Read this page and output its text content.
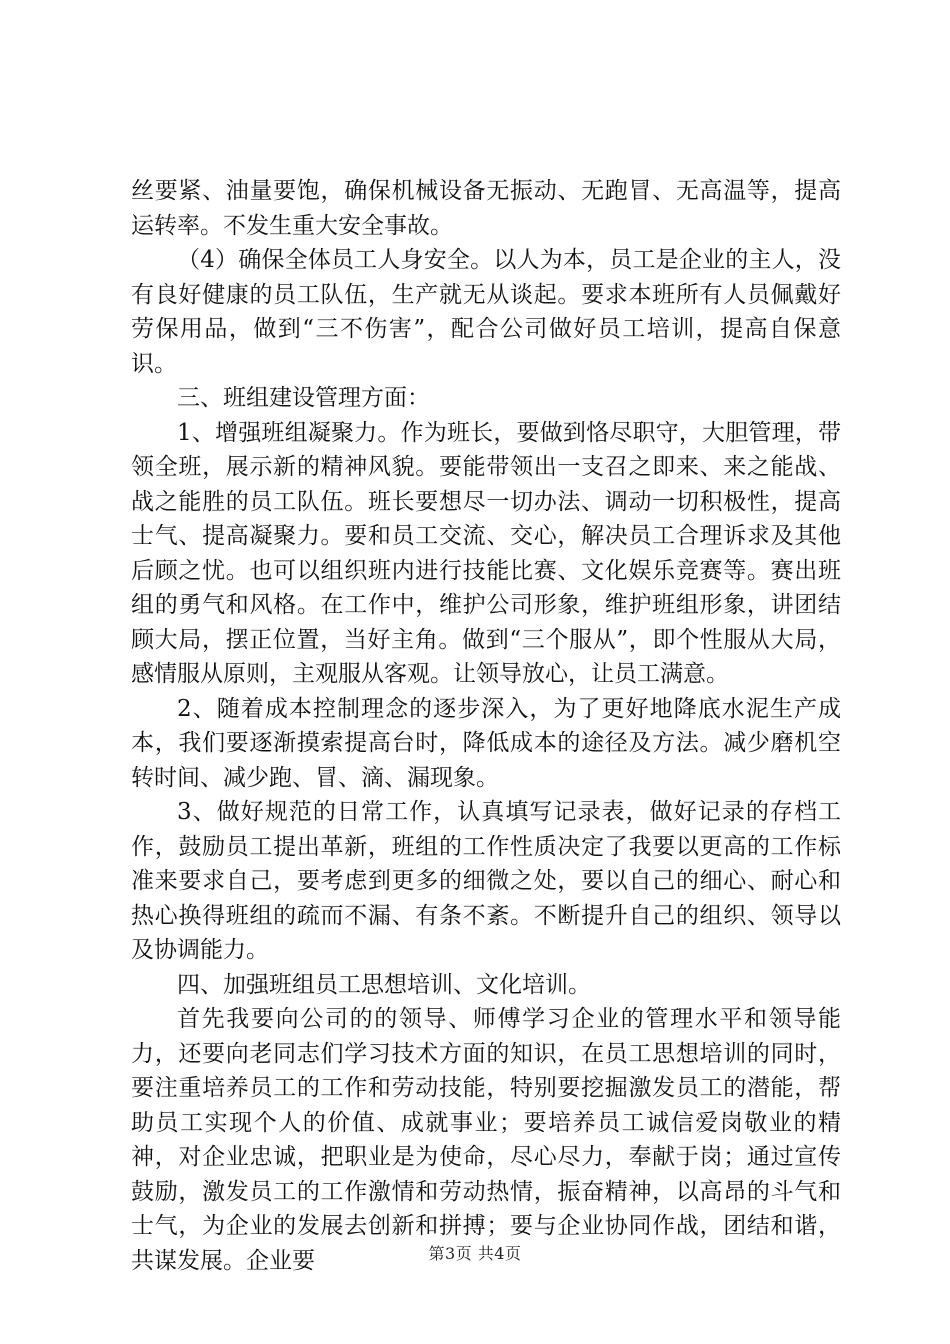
丝要紧、油量要饱，确保机械设备无振动、无跑冒、无高温等，提高运转率。不发生重大安全事故。

（4）确保全体员工人身安全。以人为本，员工是企业的主人，没有良好健康的员工队伍，生产就无从谈起。要求本班所有人员佩戴好劳保用品，做到“三不伤害”，配合公司做好员工培训，提高自保意识。

三、班组建设管理方面：

1、增强班组凝聚力。作为班长，要做到恪尽职守，大胆管理，带领全班，展示新的精神风貌。要能带领出一支召之即来、来之能战、战之能胜的员工队伍。班长要想尽一切办法、调动一切积极性，提高士气、提高凝聚力。要和员工交流、交心，解决员工合理诉求及其他后顾之忧。也可以组织班内进行技能比赛、文化娱乐竞赛等。赛出班组的勇气和风格。在工作中，维护公司形象，维护班组形象，讲团结顾大局，摆正位置，当好主角。做到“三个服从”，即个性服从大局，感情服从原则，主观服从客观。让领导放心，让员工满意。

2、随着成本控制理念的逐步深入，为了更好地降底水泥生产成本，我们要逐渐摸索提高台时，降低成本的途径及方法。减少磨机空转时间、减少跑、冒、滴、漏现象。

3、做好规范的日常工作，认真填写记录表，做好记录的存档工作，鼓励员工提出革新，班组的工作性质决定了我要以更高的工作标准来要求自己，要考虑到更多的细微之处，要以自己的细心、耐心和热心换得班组的疏而不漏、有条不紊。不断提升自己的组织、领导以及协调能力。

四、加强班组员工思想培训、文化培训。

首先我要向公司的的领导、师傅学习企业的管理水平和领导能力，还要向老同志们学习技术方面的知识，在员工思想培训的同时，要注重培养员工的工作和劳动技能，特别要挖掘激发员工的潜能，帮助员工实现个人的价值、成就事业；要培养员工诚信爱岗敬业的精神，对企业忠诚，把职业是为使命，尽心尽力，奉献于岗；通过宣传鼓励，激发员工的工作激情和劳动热情，振奋精神，以高昂的斗气和士气，为企业的发展去创新和拼搏；要与企业协同作战，团结和谐，共谋发展。企业要	第3页 共4页
